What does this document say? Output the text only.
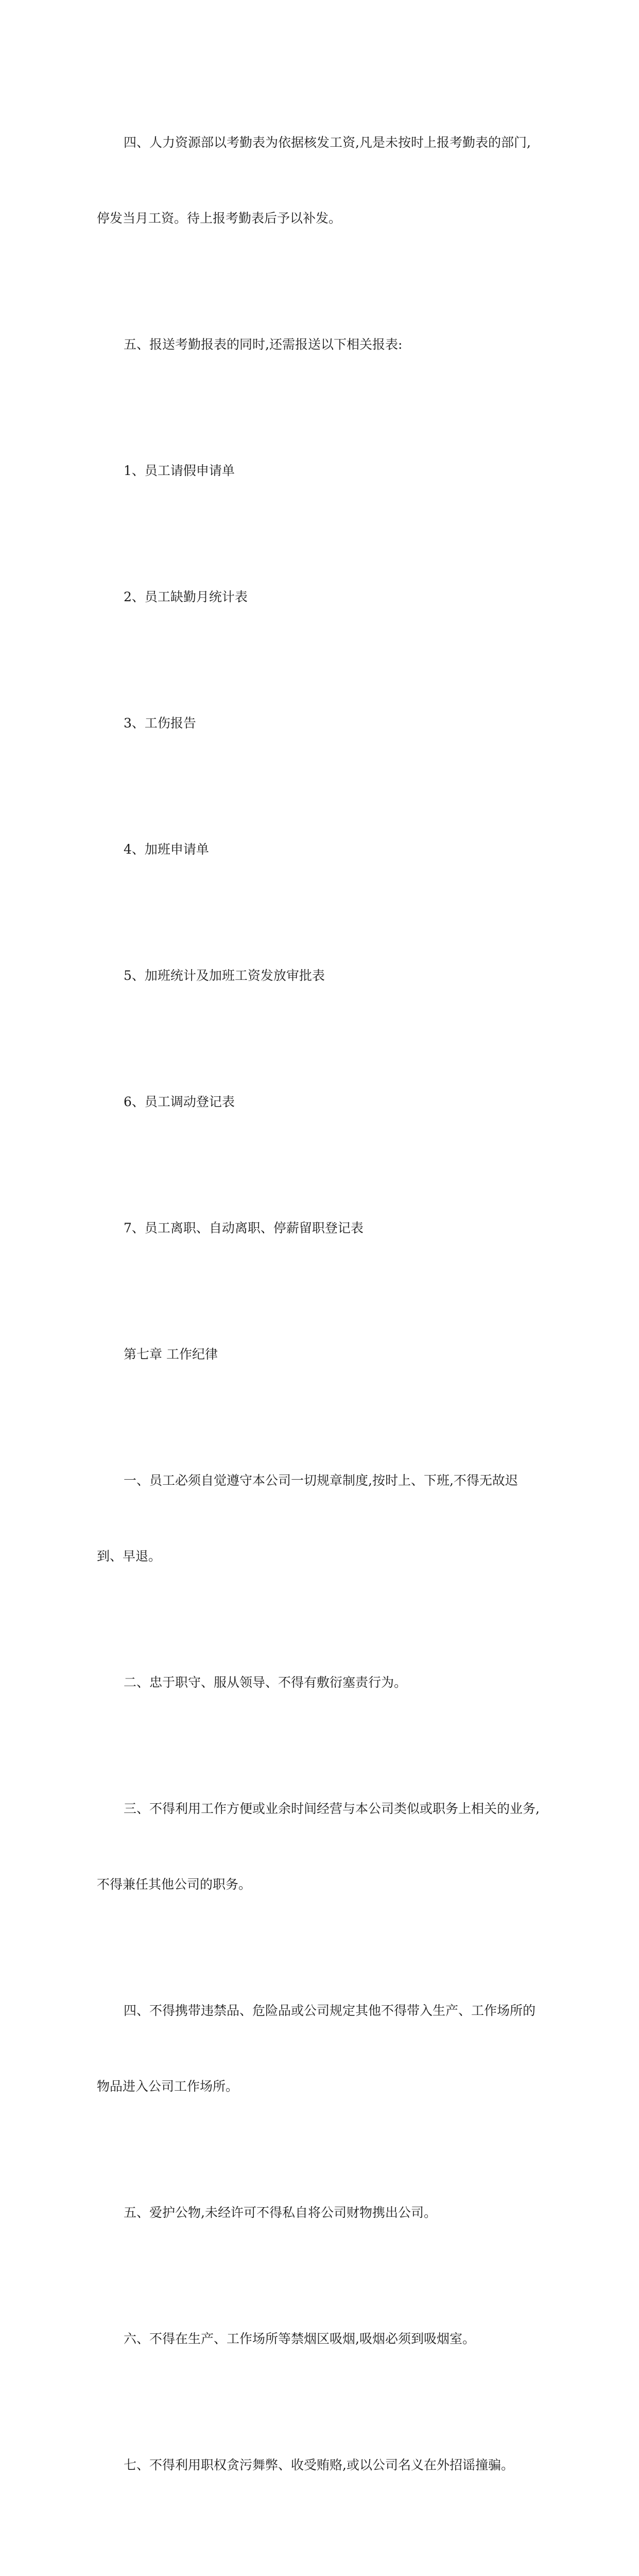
四、人力资源部以考勤表为依据核发工资,凡是未按时上报考勤表的部门,

停发当月工资。待上报考勤表后予以补发。

五、报送考勤报表的同时,还需报送以下相关报表:

1、员工请假申请单

2、员工缺勤月统计表

3、工伤报告

4、加班申请单

5、加班统计及加班工资发放审批表

6、员工调动登记表

7、员工离职、自动离职、停薪留职登记表

第七章 工作纪律

一、员工必须自觉遵守本公司一切规章制度,按时上、下班,不得无故迟

到、早退。

二、忠于职守、服从领导、不得有敷衍塞责行为。

三、不得利用工作方便或业余时间经营与本公司类似或职务上相关的业务,

不得兼任其他公司的职务。

四、不得携带违禁品、危险品或公司规定其他不得带入生产、工作场所的

物品进入公司工作场所。

五、爱护公物,未经许可不得私自将公司财物携出公司。

六、不得在生产、工作场所等禁烟区吸烟,吸烟必须到吸烟室。

七、不得利用职权贪污舞弊、收受贿赂,或以公司名义在外招谣撞骗。
